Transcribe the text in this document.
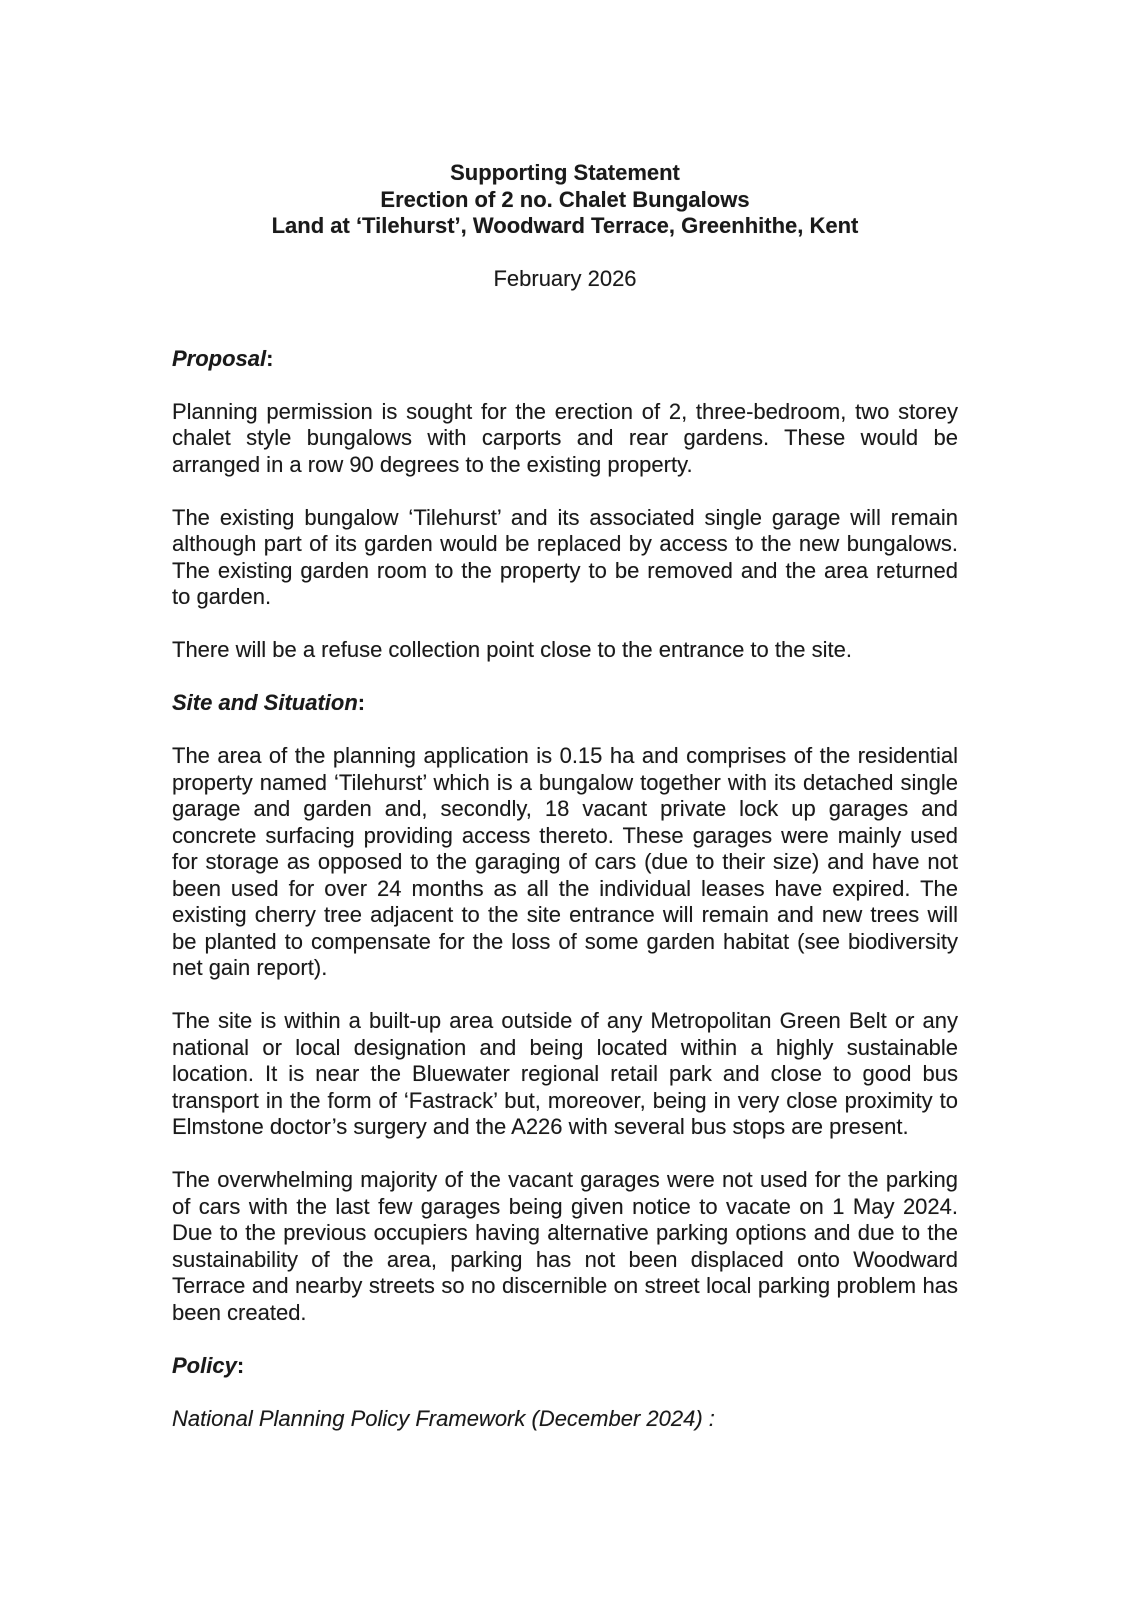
Supporting Statement
Erection of 2 no. Chalet Bungalows
Land at ‘Tilehurst’, Woodward Terrace, Greenhithe, Kent
February 2026
Proposal:

Planning permission is sought for the erection of 2, three-bedroom, two storey chalet style bungalows with carports and rear gardens. These would be arranged in a row 90 degrees to the existing property.

The existing bungalow ‘Tilehurst’ and its associated single garage will remain although part of its garden would be replaced by access to the new bungalows. The existing garden room to the property to be removed and the area returned to garden.

There will be a refuse collection point close to the entrance to the site.

Site and Situation:

The area of the planning application is 0.15 ha and comprises of the residential property named ‘Tilehurst’ which is a bungalow together with its detached single garage and garden and, secondly, 18 vacant private lock up garages and concrete surfacing providing access thereto. These garages were mainly used for storage as opposed to the garaging of cars (due to their size) and have not been used for over 24 months as all the individual leases have expired. The existing cherry tree adjacent to the site entrance will remain and new trees will be planted to compensate for the loss of some garden habitat (see biodiversity net gain report).

The site is within a built-up area outside of any Metropolitan Green Belt or any national or local designation and being located within a highly sustainable location. It is near the Bluewater regional retail park and close to good bus transport in the form of ‘Fastrack’ but, moreover, being in very close proximity to Elmstone doctor’s surgery and the A226 with several bus stops are present.

The overwhelming majority of the vacant garages were not used for the parking of cars with the last few garages being given notice to vacate on 1 May 2024. Due to the previous occupiers having alternative parking options and due to the sustainability of the area, parking has not been displaced onto Woodward Terrace and nearby streets so no discernible on street local parking problem has been created.

Policy:

National Planning Policy Framework (December 2024) :
